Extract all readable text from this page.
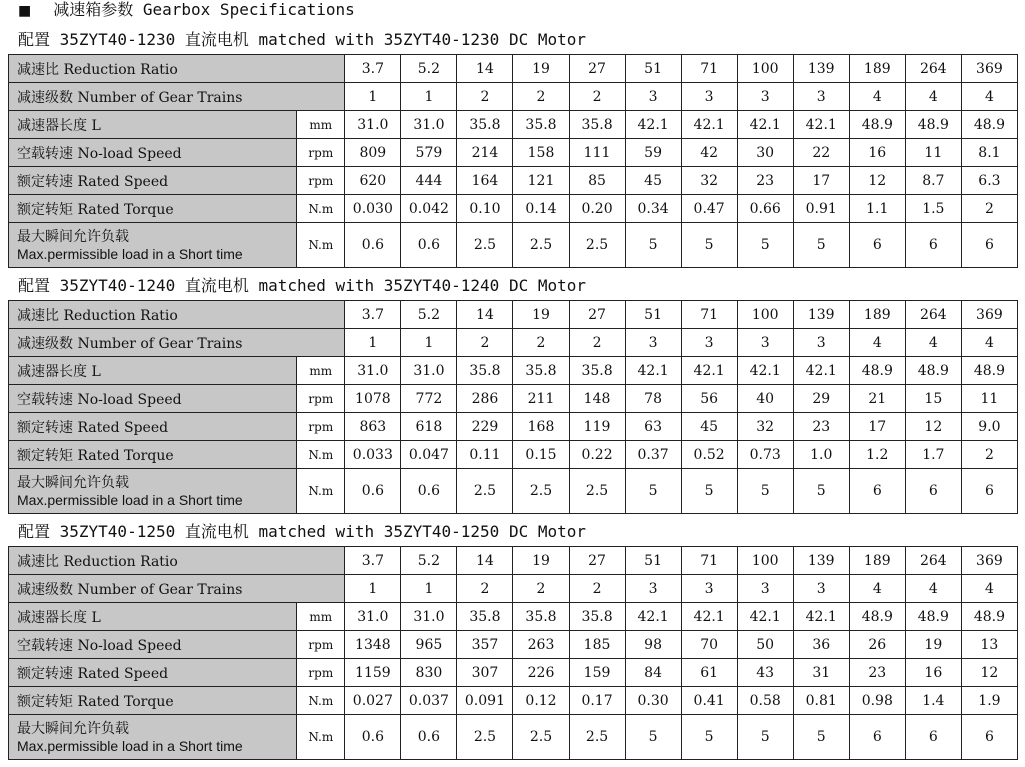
■ 减速箱参数 Gearbox Specifications
配置 35ZYT40-1230 直流电机 matched with 35ZYT40-1230 DC Motor
减速比 Reduction Ratio		3.7	5.2	14	19	27	51	71	100	139	189	264	369
减速级数 Number of Gear Trains		1	1	2	2	2	3	3	3	3	4	4	4
减速器长度 L	mm	31.0	31.0	35.8	35.8	35.8	42.1	42.1	42.1	42.1	48.9	48.9	48.9
空载转速 No-load Speed	rpm	809	579	214	158	111	59	42	30	22	16	11	8.1
额定转速 Rated Speed	rpm	620	444	164	121	85	45	32	23	17	12	8.7	6.3
额定转矩 Rated Torque	N.m	0.030	0.042	0.10	0.14	0.20	0.34	0.47	0.66	0.91	1.1	1.5	2

最大瞬间允许负载
Max.permissible load in a Short time	N.m	0.6	0.6	2.5	2.5	2.5	5	5	5	5	6	6	6
配置 35ZYT40-1240 直流电机 matched with 35ZYT40-1240 DC Motor
减速比 Reduction Ratio		3.7	5.2	14	19	27	51	71	100	139	189	264	369
减速级数 Number of Gear Trains		1	1	2	2	2	3	3	3	3	4	4	4
减速器长度 L	mm	31.0	31.0	35.8	35.8	35.8	42.1	42.1	42.1	42.1	48.9	48.9	48.9
空载转速 No-load Speed	rpm	1078	772	286	211	148	78	56	40	29	21	15	11
额定转速 Rated Speed	rpm	863	618	229	168	119	63	45	32	23	17	12	9.0
额定转矩 Rated Torque	N.m	0.033	0.047	0.11	0.15	0.22	0.37	0.52	0.73	1.0	1.2	1.7	2

最大瞬间允许负载
Max.permissible load in a Short time	N.m	0.6	0.6	2.5	2.5	2.5	5	5	5	5	6	6	6
配置 35ZYT40-1250 直流电机 matched with 35ZYT40-1250 DC Motor
减速比 Reduction Ratio		3.7	5.2	14	19	27	51	71	100	139	189	264	369
减速级数 Number of Gear Trains		1	1	2	2	2	3	3	3	3	4	4	4
减速器长度 L	mm	31.0	31.0	35.8	35.8	35.8	42.1	42.1	42.1	42.1	48.9	48.9	48.9
空载转速 No-load Speed	rpm	1348	965	357	263	185	98	70	50	36	26	19	13
额定转速 Rated Speed	rpm	1159	830	307	226	159	84	61	43	31	23	16	12
额定转矩 Rated Torque	N.m	0.027	0.037	0.091	0.12	0.17	0.30	0.41	0.58	0.81	0.98	1.4	1.9

最大瞬间允许负载
Max.permissible load in a Short time	N.m	0.6	0.6	2.5	2.5	2.5	5	5	5	5	6	6	6
